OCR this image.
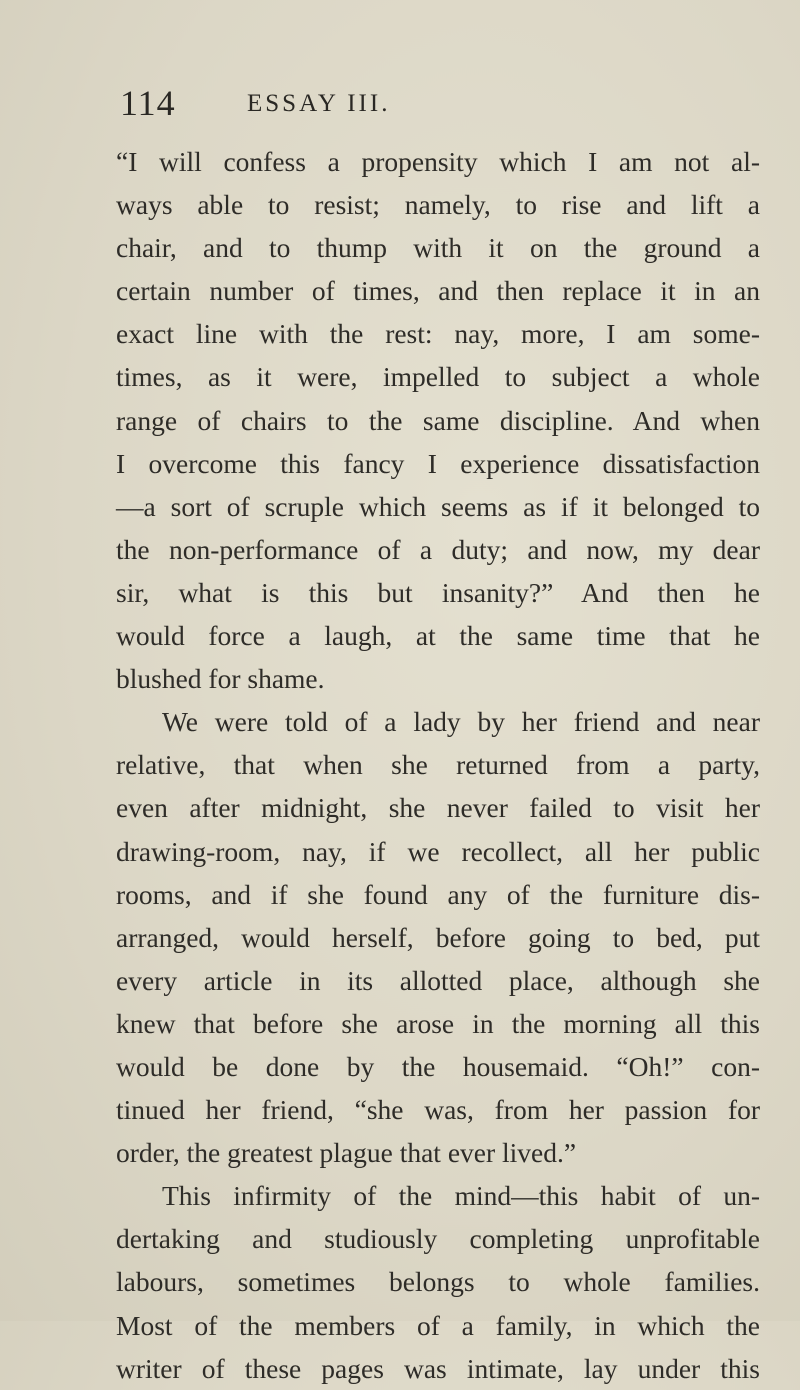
114	ESSAY III.
“I will confess a propensity which I am not al-
ways able to resist; namely, to rise and lift a
chair, and to thump with it on the ground a
certain number of times, and then replace it in an
exact line with the rest: nay, more, I am some-
times, as it were, impelled to subject a whole
range of chairs to the same discipline. And when
I overcome this fancy I experience dissatisfaction
—a sort of scruple which seems as if it belonged to
the non-performance of a duty; and now, my dear
sir, what is this but insanity?” And then he
would force a laugh, at the same time that he
blushed for shame.
We were told of a lady by her friend and near
relative, that when she returned from a party,
even after midnight, she never failed to visit her
drawing-room, nay, if we recollect, all her public
rooms, and if she found any of the furniture dis-
arranged, would herself, before going to bed, put
every article in its allotted place, although she
knew that before she arose in the morning all this
would be done by the housemaid. “Oh!” con-
tinued her friend, “she was, from her passion for
order, the greatest plague that ever lived.”
This infirmity of the mind—this habit of un-
dertaking and studiously completing unprofitable
labours, sometimes belongs to whole families.
Most of the members of a family, in which the
writer of these pages was intimate, lay under this
